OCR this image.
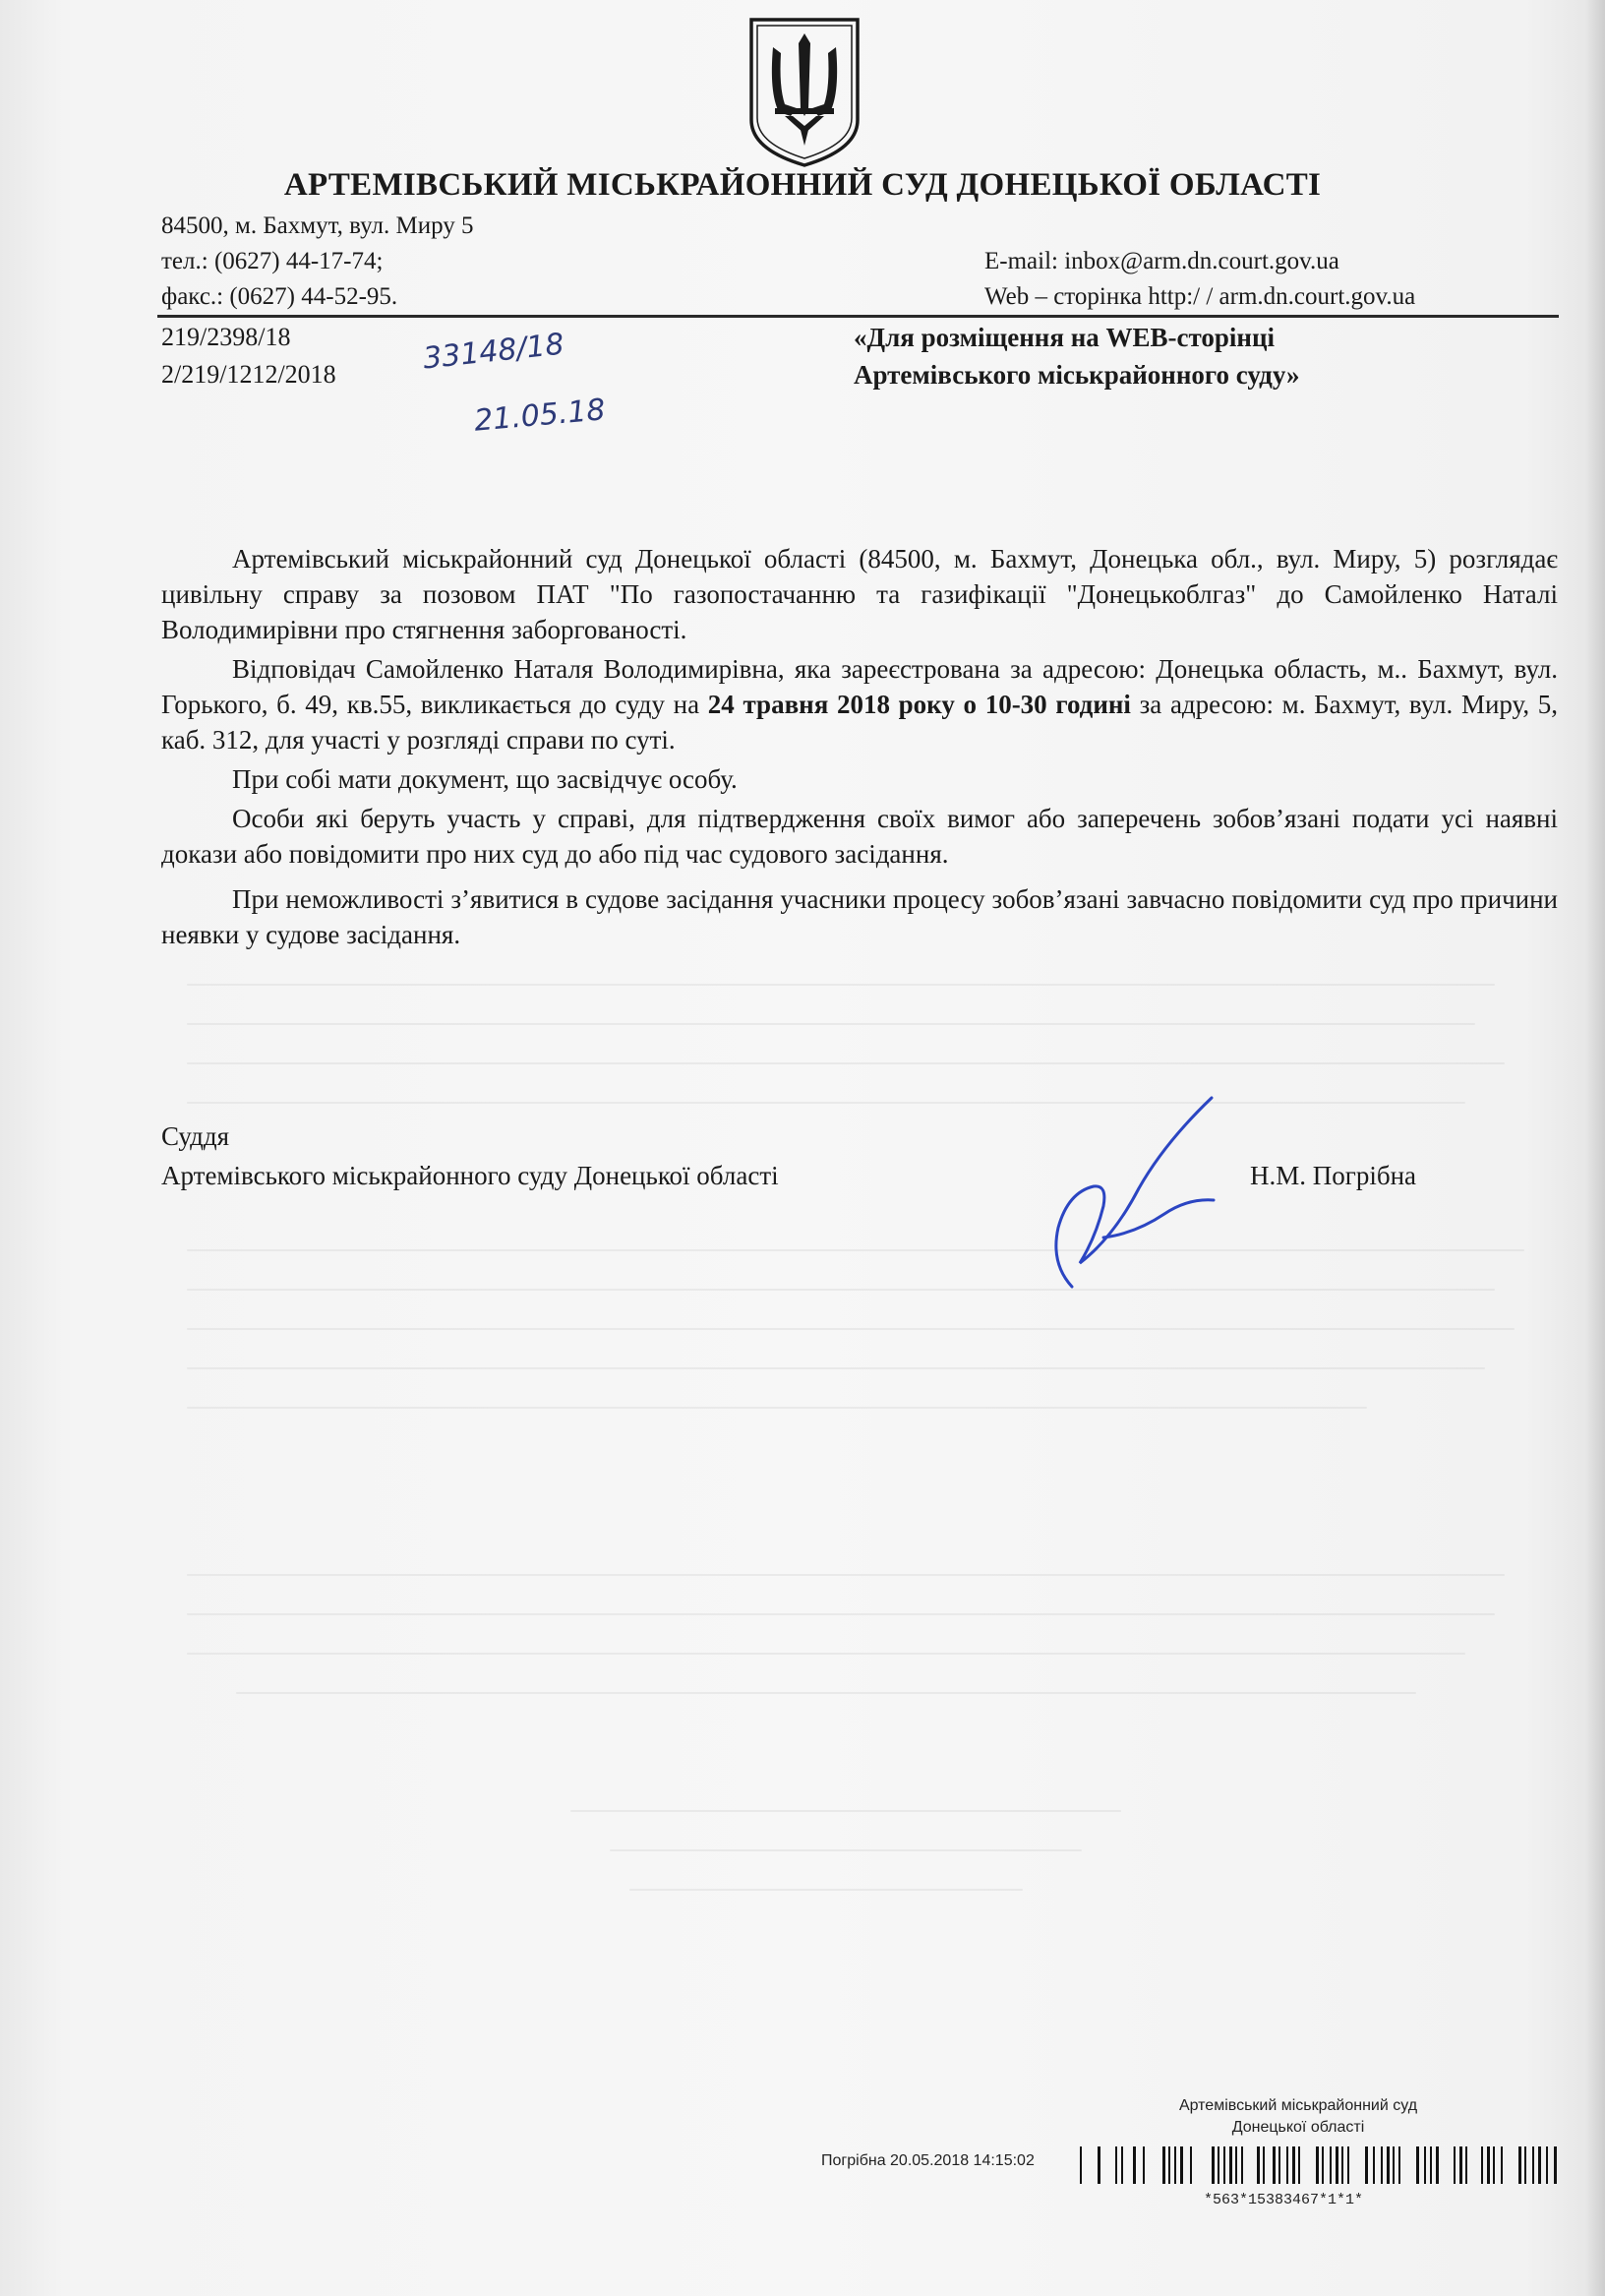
АРТЕМІВСЬКИЙ МІСЬКРАЙОННИЙ СУД ДОНЕЦЬКОЇ ОБЛАСТІ
84500, м. Бахмут, вул. Миру 5
тел.: (0627) 44-17-74;
факс.: (0627) 44-52-95.
E-mail: inbox@arm.dn.court.gov.ua
Web – сторінка http:/ / arm.dn.court.gov.ua
219/2398/18
2/219/1212/2018	33148/18
21.05.18
«Для розміщення на WEB-сторінці
Артемівського міськрайонного суду»

Артемівський міськрайонний суд Донецької області (84500, м. Бахмут, Донецька обл., вул. Миру, 5) розглядає цивільну справу за позовом ПАТ "По газопостачанню та газифікації "Донецькоблгаз" до Самойленко Наталі Володимирівни про стягнення заборгованості.

Відповідач Самойленко Наталя Володимирівна, яка зареєстрована за адресою: Донецька область, м.. Бахмут, вул. Горького, б. 49, кв.55, викликається до суду на 24 травня 2018 року о 10-30 годині за адресою: м. Бахмут, вул. Миру, 5, каб. 312, для участі у розгляді справи по суті.

При собі мати документ, що засвідчує особу.

Особи які беруть участь у справі, для підтвердження своїх вимог або заперечень зобов’язані подати усі наявні докази або повідомити про них суд до або під час судового засідання.

При неможливості з’явитися в судове засідання учасники процесу зобов’язані завчасно повідомити суд про причини неявки у судове засідання.

Суддя
Артемівського міськрайонного суду Донецької області	Н.М. Погрібна
Артемівський міськрайонний суд
Донецької області
Погрібна 20.05.2018 14:15:02
*563*15383467*1*1*
